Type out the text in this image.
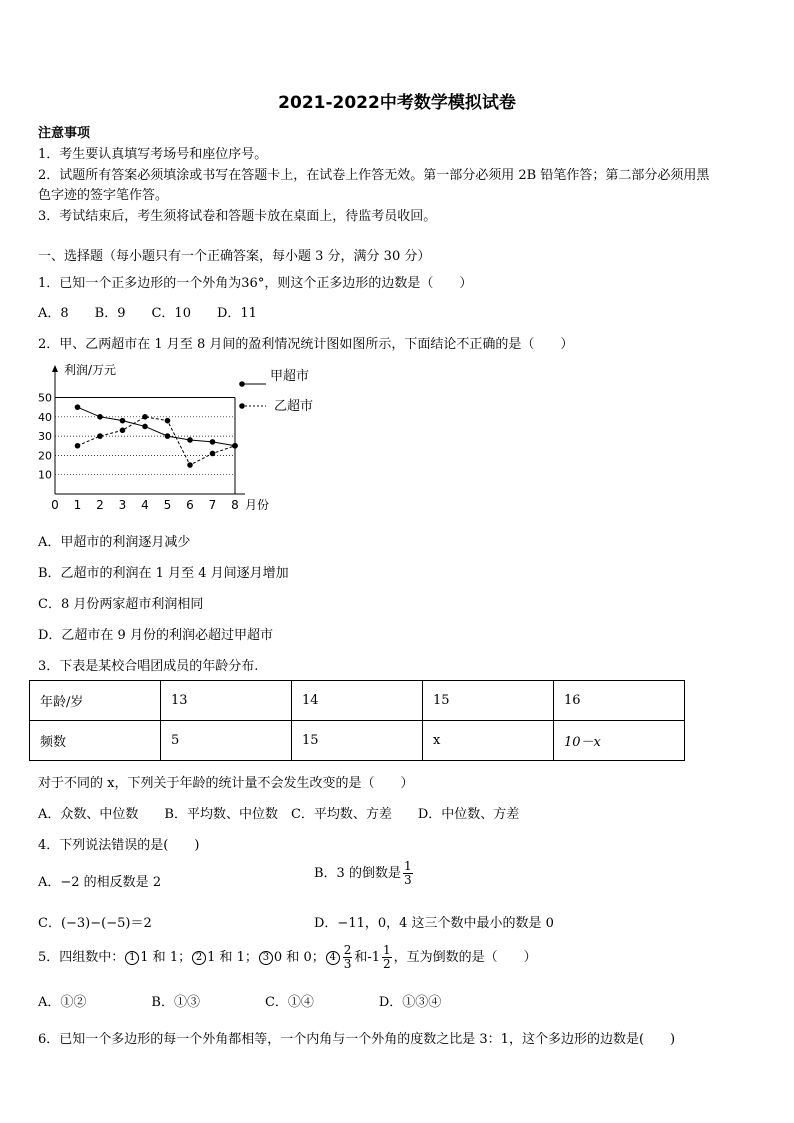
2021-2022中考数学模拟试卷
注意事项
1．考生要认真填写考场号和座位序号。
2．试题所有答案必须填涂或书写在答题卡上，在试卷上作答无效。第一部分必须用 2B 铅笔作答；第二部分必须用黑
色字迹的签字笔作答。
3．考试结束后，考生须将试卷和答题卡放在桌面上，待监考员收回。
一、选择题（每小题只有一个正确答案，每小题 3 分，满分 30 分）
1．已知一个正多边形的一个外角为36°，则这个正多边形的边数是（　　）
A．8　　B．9　　C．10　　D．11
2．甲、乙两超市在 1 月至 8 月间的盈利情况统计图如图所示，下面结论不正确的是（　　）
10
20
30
40
50
0 1 2 3 4 5 6 7 8 月份
利润/万元	甲超市
乙超市
A．甲超市的利润逐月减少
B．乙超市的利润在 1 月至 4 月间逐月增加
C．8 月份两家超市利润相同
D．乙超市在 9 月份的利润必超过甲超市
3．下表是某校合唱团成员的年龄分布.
年龄/岁	13	14	15	16
频数	5	15	x	10－x
对于不同的 x，下列关于年龄的统计量不会发生改变的是（　　）
A．众数、中位数　　B．平均数、中位数　C．平均数、方差　　D．中位数、方差
4．下列说法错误的是(　　)
A．−2 的相反数是 2
B．3 的倒数是 $\frac{1}{3}$
C．(−3)−(−5)＝2	D．−11，0，4 这三个数中最小的数是 0
5．四组数中： 1 1 和 1； 2 1 和 1； 3 0 和 0； $4 \frac{2}{3}$ 和$-1 \frac{1}{2}$ ，互为倒数的是（　　）
A．①②　　　　　B．①③　　　　　C．①④　　　　　D．①③④
6．已知一个多边形的每一个外角都相等，一个内角与一个外角的度数之比是 3：1，这个多边形的边数是(　　)
